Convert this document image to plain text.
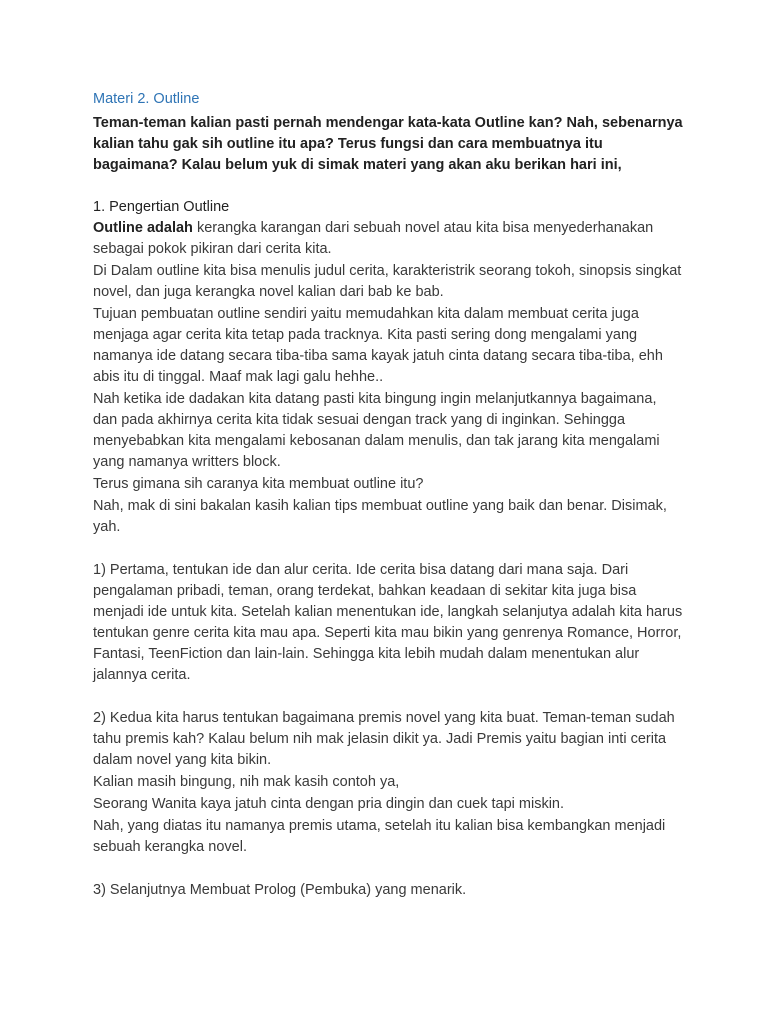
Materi 2. Outline

Teman-teman kalian pasti pernah mendengar kata-kata Outline kan? Nah, sebenarnya kalian tahu gak sih outline itu apa? Terus fungsi dan cara membuatnya itu bagaimana? Kalau belum yuk di simak materi yang akan aku berikan hari ini,

1. Pengertian Outline

Outline adalah kerangka karangan dari sebuah novel atau kita bisa menyederhanakan sebagai pokok pikiran dari cerita kita.

Di Dalam outline kita bisa menulis judul cerita, karakteristrik seorang tokoh, sinopsis singkat novel, dan juga kerangka novel kalian dari bab ke bab.

Tujuan pembuatan outline sendiri yaitu memudahkan kita dalam membuat cerita juga menjaga agar cerita kita tetap pada tracknya. Kita pasti sering dong mengalami yang namanya ide datang secara tiba-tiba sama kayak jatuh cinta datang secara tiba-tiba, ehh abis itu di tinggal. Maaf mak lagi galu hehhe..

Nah ketika ide dadakan kita datang pasti kita bingung ingin melanjutkannya bagaimana, dan pada akhirnya cerita kita tidak sesuai dengan track yang di inginkan. Sehingga menyebabkan kita mengalami kebosanan dalam menulis, dan tak jarang kita mengalami yang namanya writters block.

Terus gimana sih caranya kita membuat outline itu?

Nah, mak di sini bakalan kasih kalian tips membuat outline yang baik dan benar. Disimak, yah.

1) Pertama, tentukan ide dan alur cerita. Ide cerita bisa datang dari mana saja. Dari pengalaman pribadi, teman, orang terdekat, bahkan keadaan di sekitar kita juga bisa menjadi ide untuk kita. Setelah kalian menentukan ide, langkah selanjutya adalah kita harus tentukan genre cerita kita mau apa. Seperti kita mau bikin yang genrenya Romance, Horror, Fantasi, TeenFiction dan lain-lain. Sehingga kita lebih mudah dalam menentukan alur jalannya cerita.

2) Kedua kita harus tentukan bagaimana premis novel yang kita buat. Teman-teman sudah tahu premis kah? Kalau belum nih mak jelasin dikit ya. Jadi Premis yaitu bagian inti cerita dalam novel yang kita bikin.

Kalian masih bingung, nih mak kasih contoh ya,

Seorang Wanita kaya jatuh cinta dengan pria dingin dan cuek tapi miskin.

Nah, yang diatas itu namanya premis utama, setelah itu kalian bisa kembangkan menjadi sebuah kerangka novel.

3) Selanjutnya Membuat Prolog (Pembuka) yang menarik.
